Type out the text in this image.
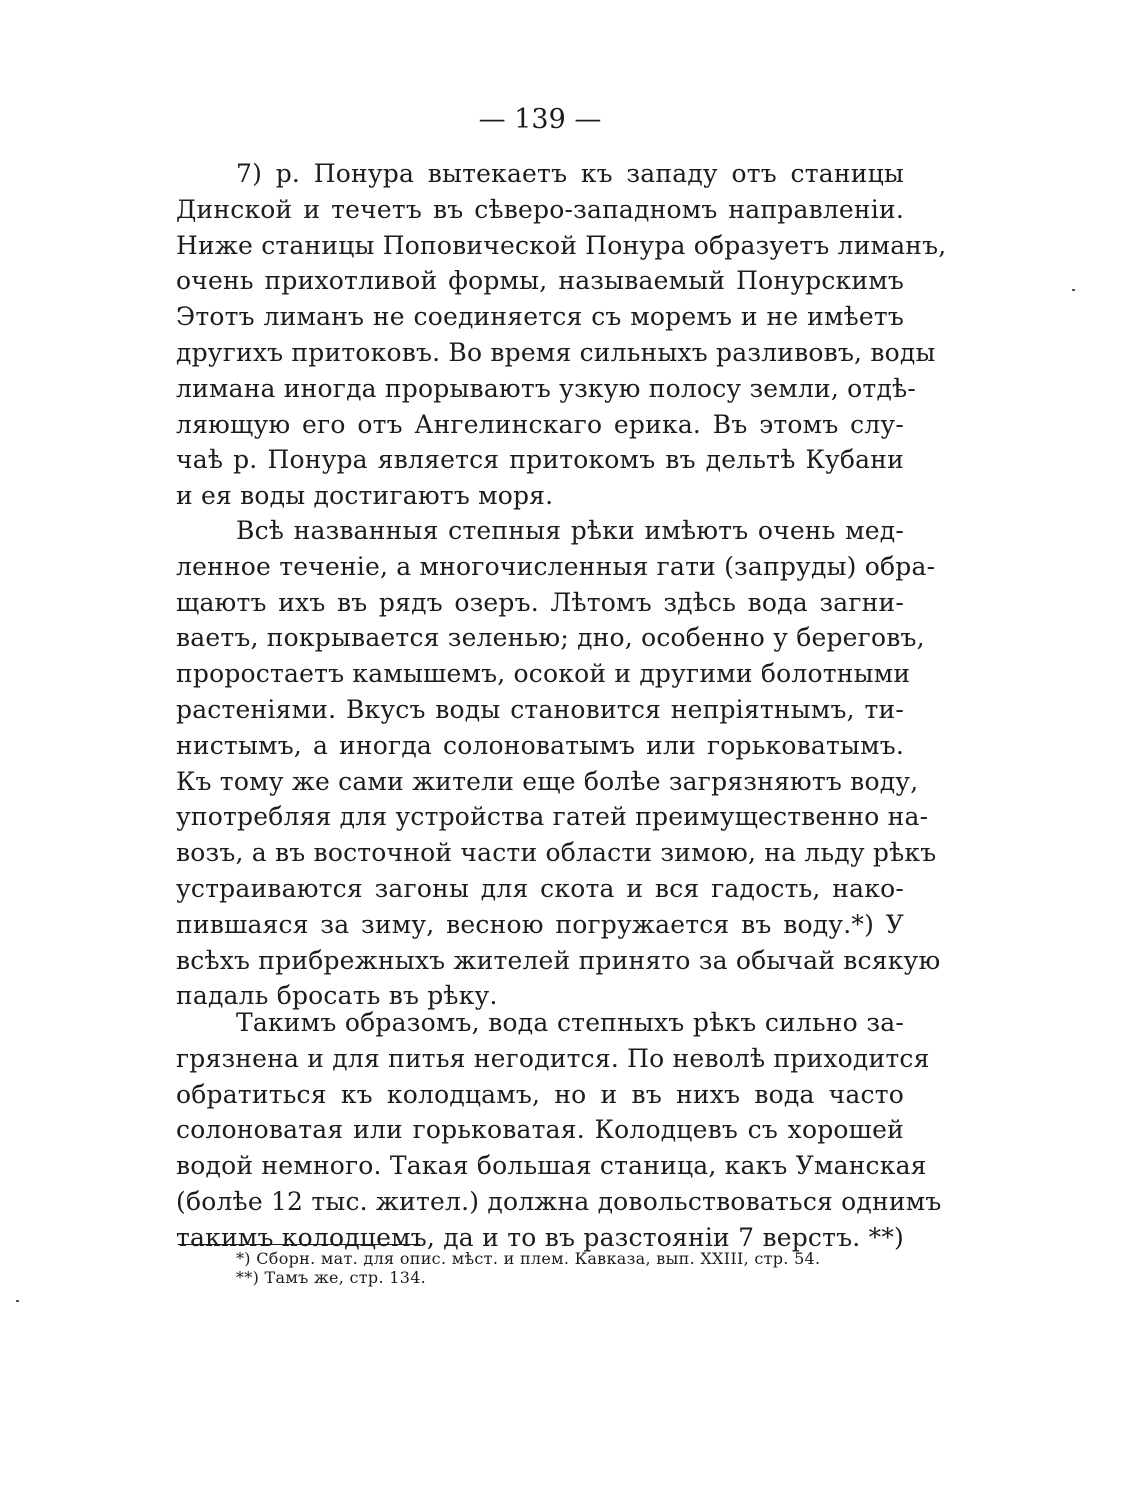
— 139 —
7) р. Понура вытекаетъ къ западу отъ станицы
Динской и течетъ въ сѣверо-западномъ направленіи.
Ниже станицы Поповической Понура образуетъ лиманъ,
очень прихотливой формы, называемый Понурскимъ
Этотъ лиманъ не соединяется съ моремъ и не имѣетъ
другихъ притоковъ. Во время сильныхъ разливовъ, воды
лимана иногда прорываютъ узкую полосу земли, отдѣ-
ляющую его отъ Ангелинскаго ерика. Въ этомъ слу-
чаѣ р. Понура является притокомъ въ дельтѣ Кубани
и ея воды достигаютъ моря.
Всѣ названныя степныя рѣки имѣютъ очень мед-
ленное теченіе, а многочисленныя гати (запруды) обра-
щаютъ ихъ въ рядъ озеръ. Лѣтомъ здѣсь вода загни-
ваетъ, покрывается зеленью; дно, особенно у береговъ,
проростаетъ камышемъ, осокой и другими болотными
растеніями. Вкусъ воды становится непріятнымъ, ти-
нистымъ, а иногда солоноватымъ или горьковатымъ.
Къ тому же сами жители еще болѣе загрязняютъ воду,
употребляя для устройства гатей преимущественно на-
возъ, а въ восточной части области зимою, на льду рѣкъ
устраиваются загоны для скота и вся гадость, нако-
пившаяся за зиму, весною погружается въ воду.*) У
всѣхъ прибрежныхъ жителей принято за обычай всякую
падаль бросать въ рѣку.
Такимъ образомъ, вода степныхъ рѣкъ сильно за-
грязнена и для питья негодится. По неволѣ приходится
обратиться къ колодцамъ, но и въ нихъ вода часто
солоноватая или горьковатая. Колодцевъ съ хорошей
водой немного. Такая большая станица, какъ Уманская
(болѣе 12 тыс. жител.) должна довольствоваться однимъ
такимъ колодцемъ, да и то въ разстояніи 7 верстъ. **)
*) Сборн. мат. для опис. мѣст. и плем. Кавказа, вып. XXIII, стр. 54.
**) Тамъ же, стр. 134.
